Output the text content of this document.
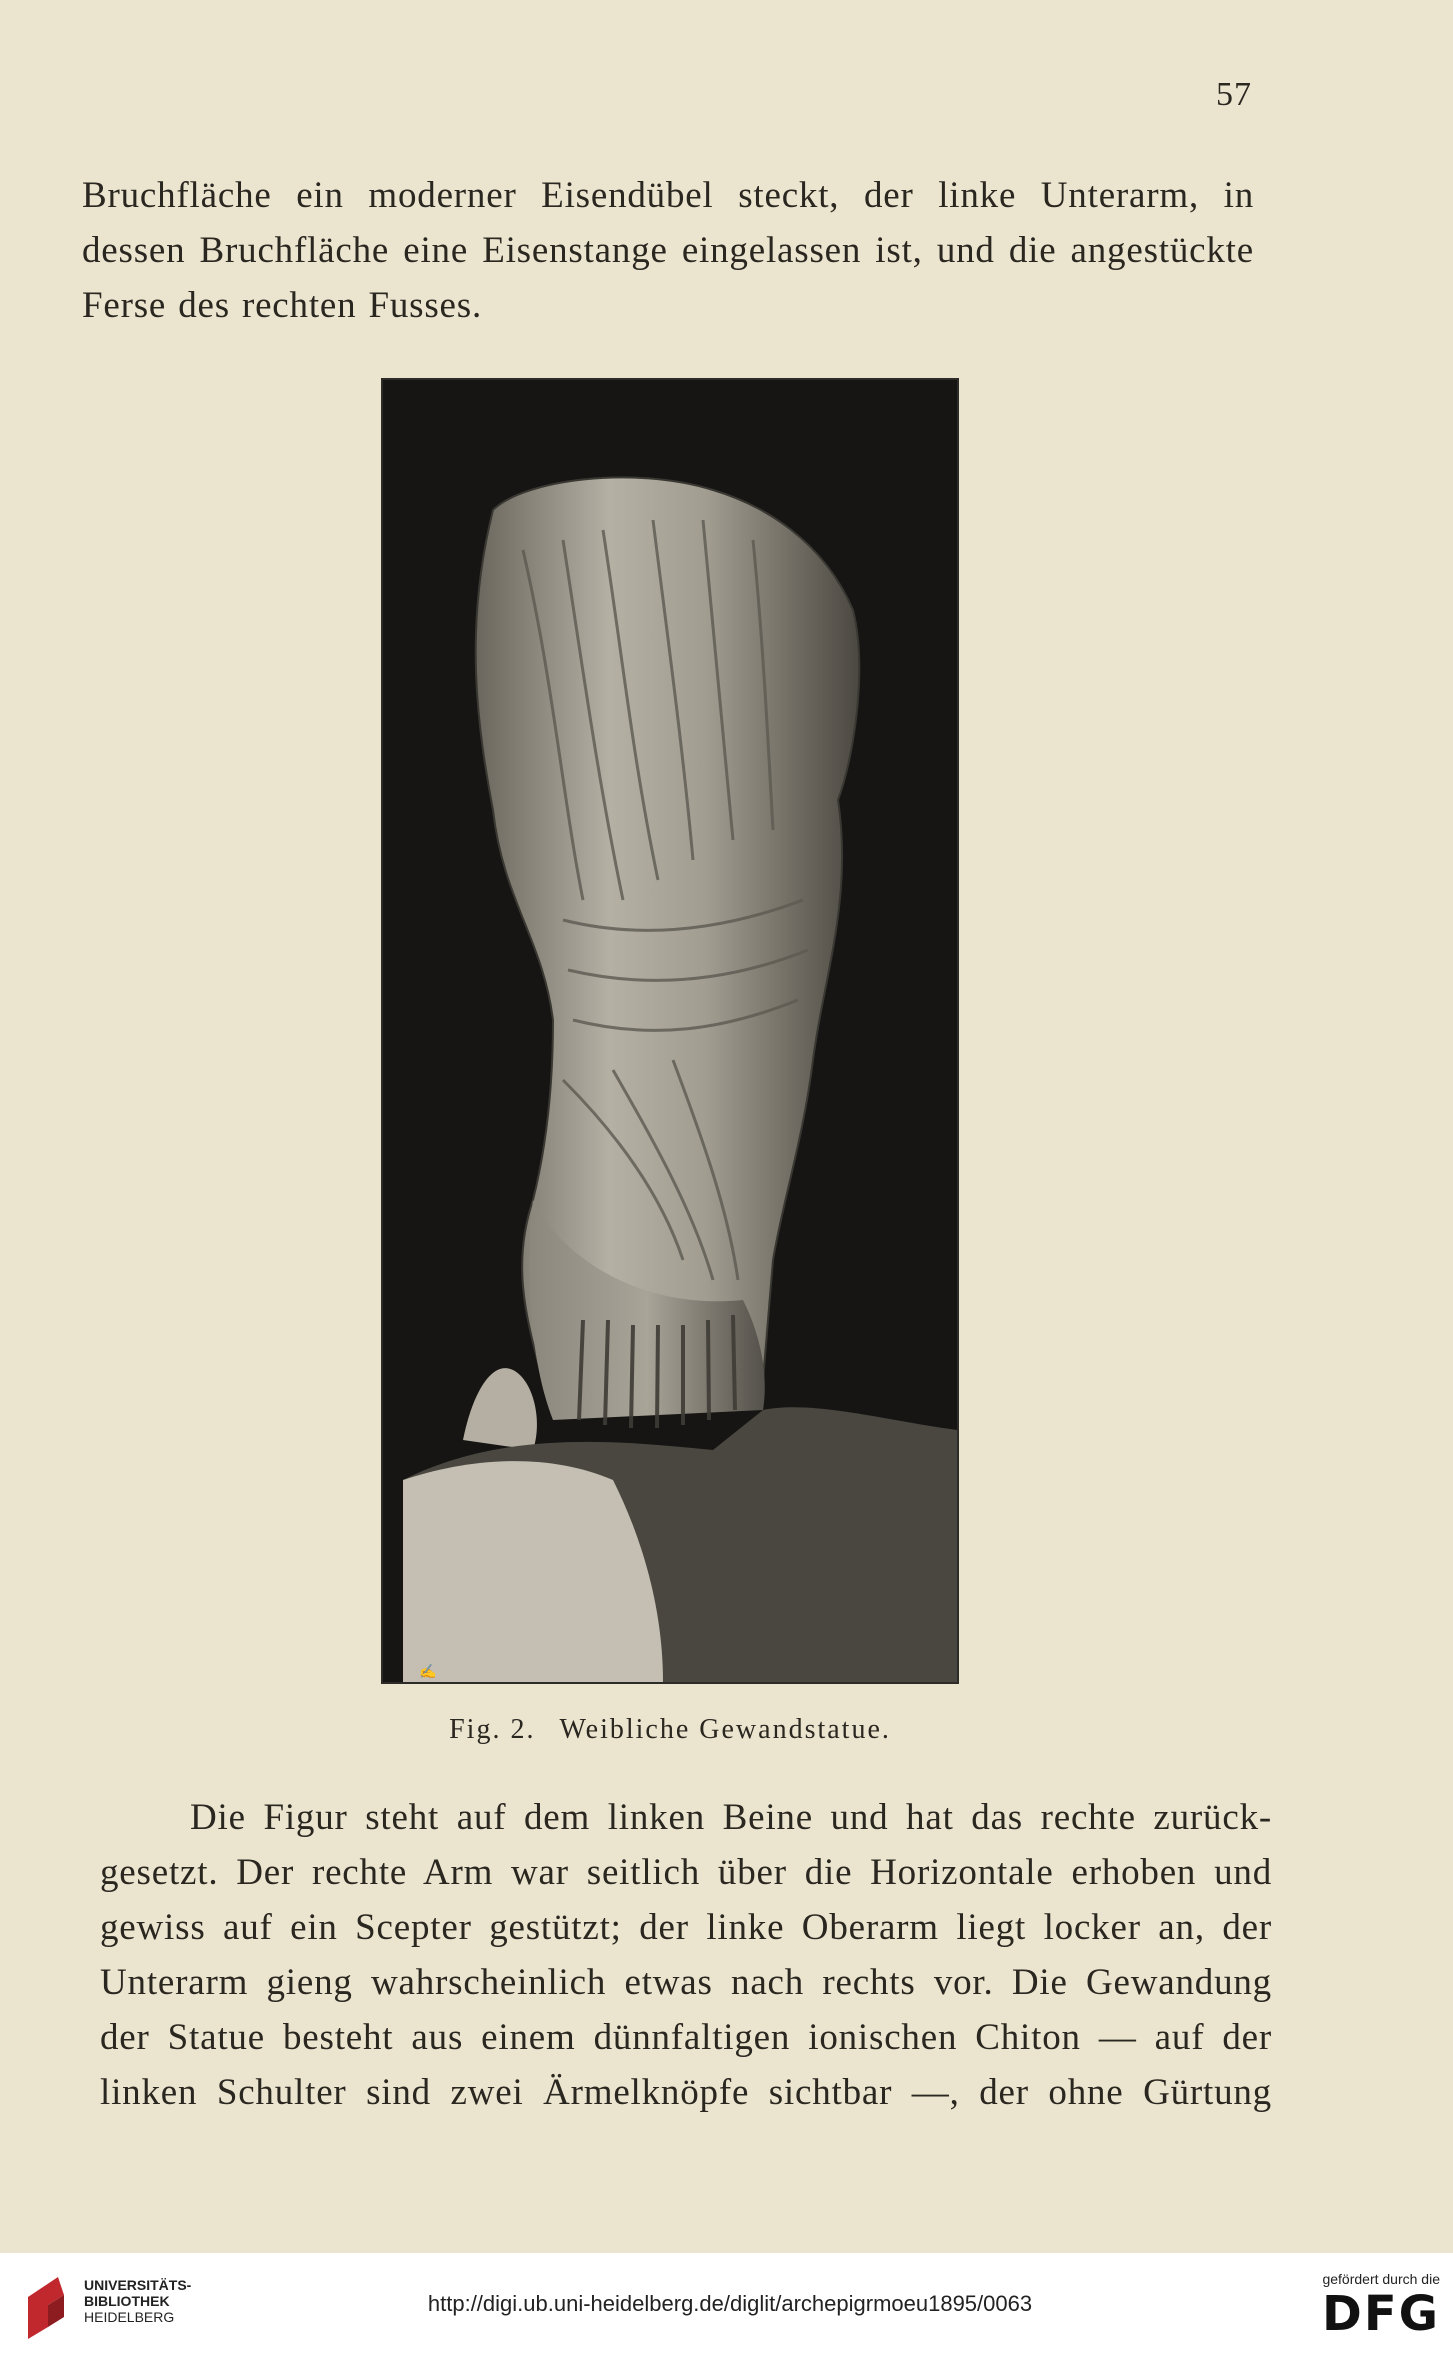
57

Bruchfläche ein moderner Eisendübel steckt, der linke Unterarm, in
dessen Bruchfläche eine Eisenstange eingelassen ist, und die angestückte
Ferse des rechten Fusses.

✍
Fig. 2. Weibliche Gewandstatue.

Die Figur steht auf dem linken Beine und hat das rechte zurück-
gesetzt. Der rechte Arm war seitlich über die Horizontale erhoben und
gewiss auf ein Scepter gestützt; der linke Oberarm liegt locker an, der
Unterarm gieng wahrscheinlich etwas nach rechts vor. Die Gewandung
der Statue besteht aus einem dünnfaltigen ionischen Chiton — auf der
linken Schulter sind zwei Ärmelknöpfe sichtbar —, der ohne Gürtung

UNIVERSITÄTS-
BIBLIOTHEK
HEIDELBERG
http://digi.ub.uni-heidelberg.de/diglit/archepigrmoeu1895/0063
gefördert durch die
DFG
